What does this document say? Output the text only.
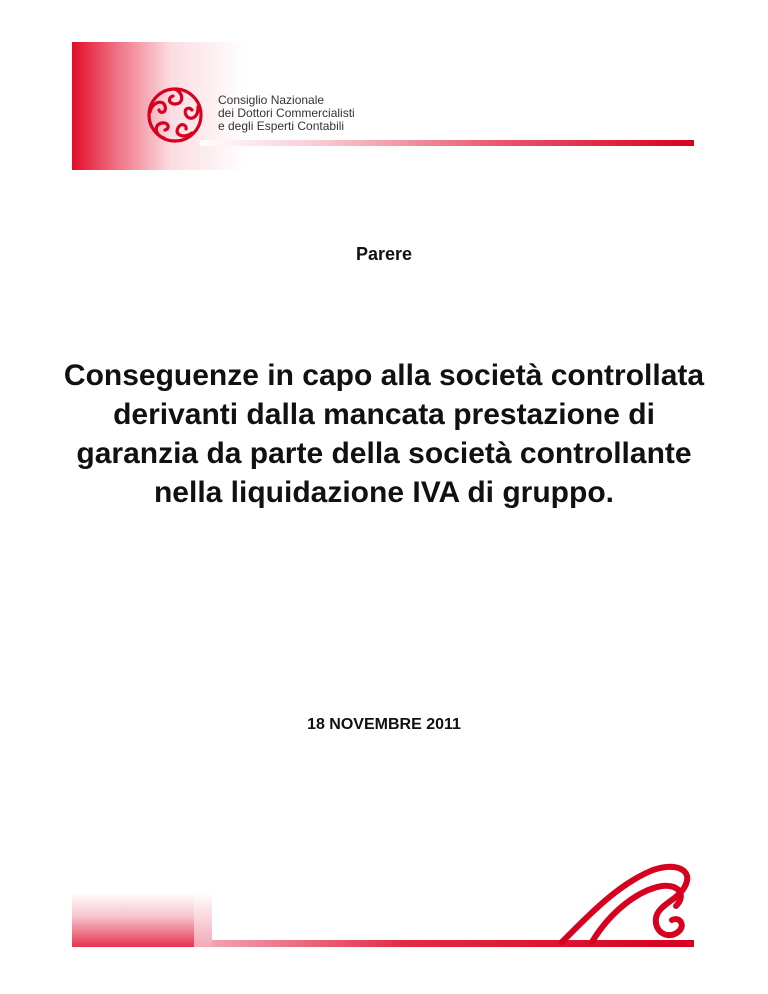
Consiglio Nazionale
dei Dottori Commercialisti
e degli Esperti Contabili
Parere
Conseguenze in capo alla società controllata derivanti dalla mancata prestazione di garanzia da parte della società controllante nella liquidazione IVA di gruppo.
18 NOVEMBRE 2011
